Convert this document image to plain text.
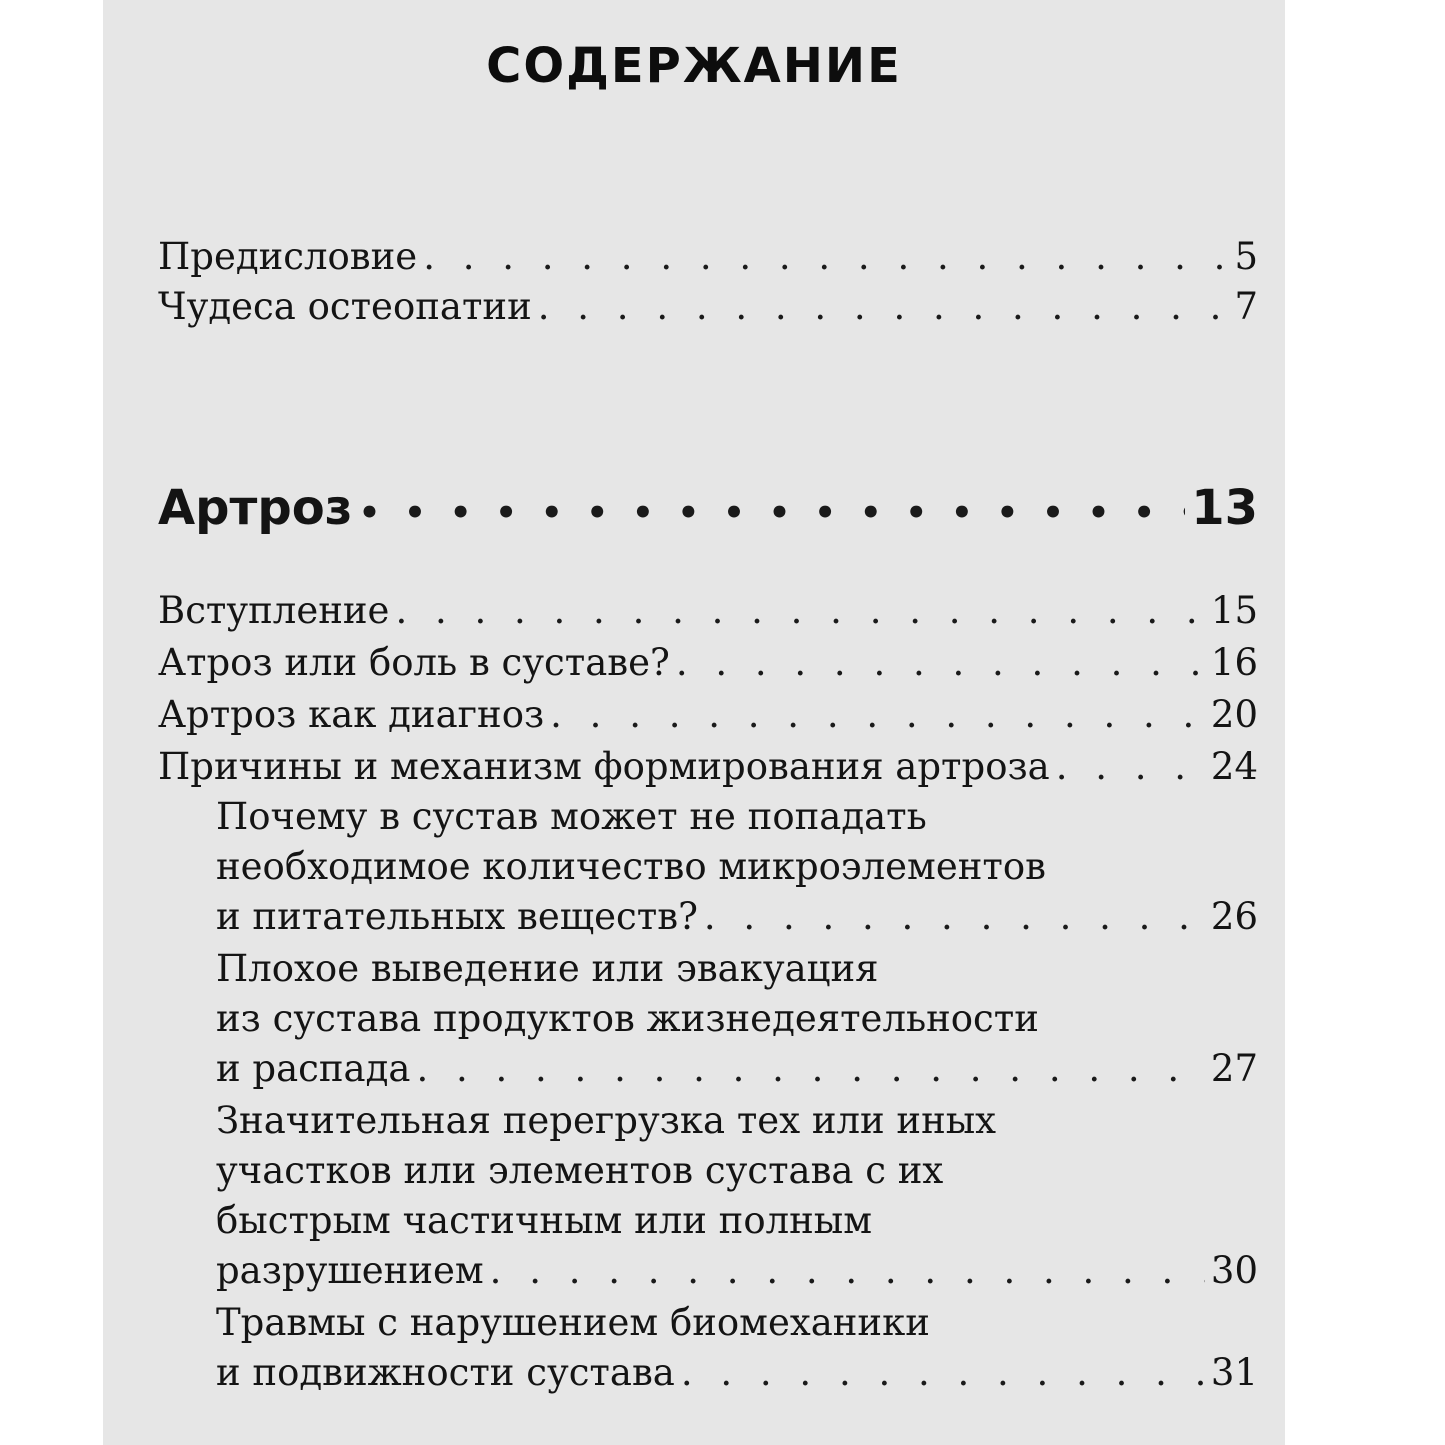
СОДЕРЖАНИЕ
Предисловие . . .	5
Чудеса остеопатии . . .	7
Артроз • • •	13
Вступление . . .	15
Атроз или боль в суставе? . . .	16
Артроз как диагноз . . .	20
Причины и механизм формирования артроза . . .	24
Почему в сустав может не попадать
необходимое количество микроэлементов
и питательных веществ? . . .	26
Плохое выведение или эвакуация
из сустава продуктов жизнедеятельности
и распада . . .	27
Значительная перегрузка тех или иных
участков или элементов сустава с их
быстрым частичным или полным
разрушением . . .	30
Травмы с нарушением биомеханики
и подвижности сустава . . .	31
